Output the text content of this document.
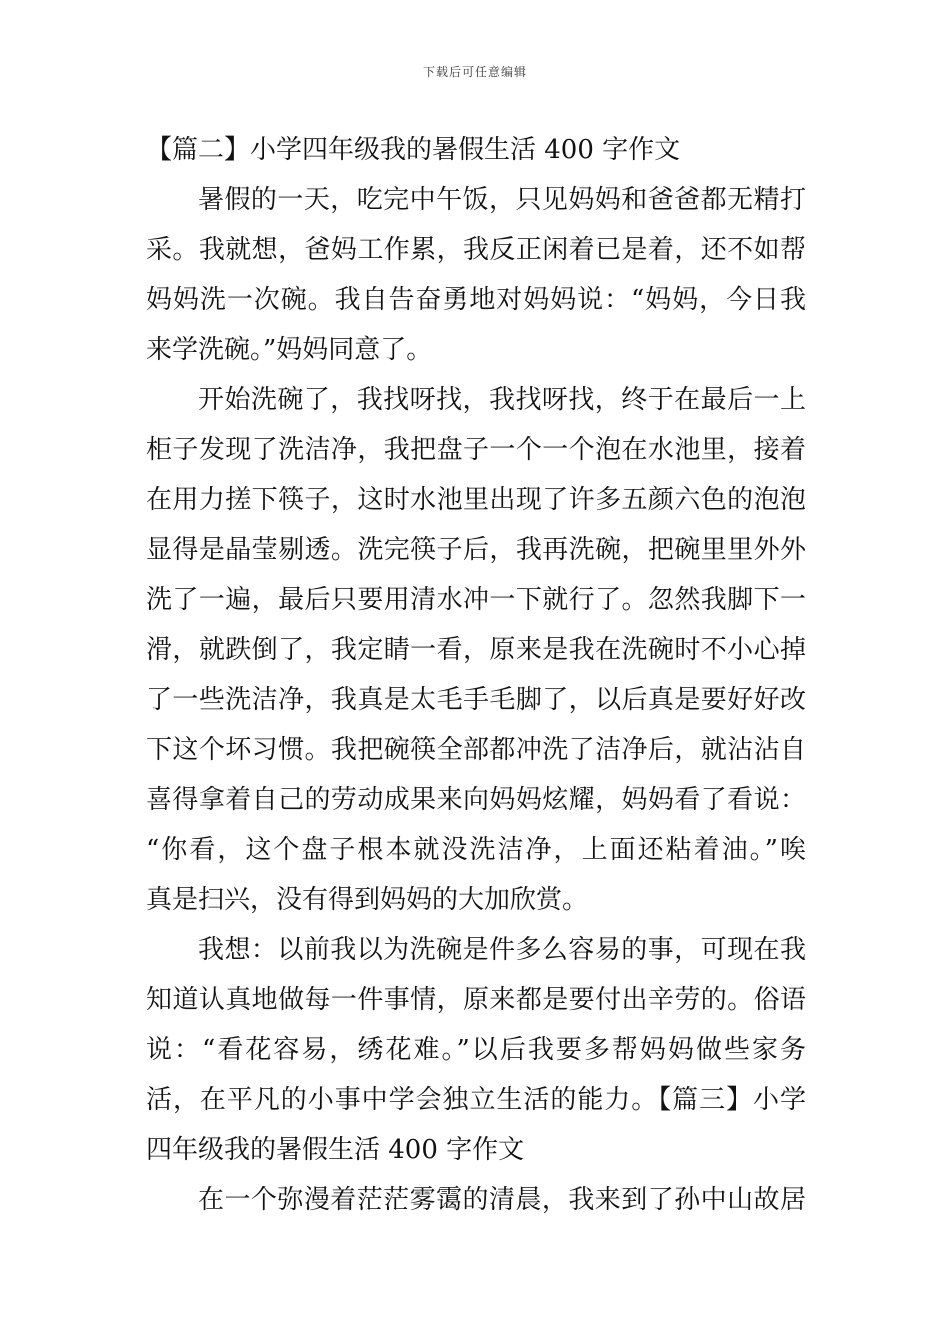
下载后可任意编辑
【篇二】小学四年级我的暑假生活 400 字作文
暑假的一天，吃完中午饭，只见妈妈和爸爸都无精打
采。我就想，爸妈工作累，我反正闲着已是着，还不如帮
妈妈洗一次碗。我自告奋勇地对妈妈说：“妈妈，今日我
来学洗碗。”妈妈同意了。
开始洗碗了，我找呀找，我找呀找，终于在最后一上
柜子发现了洗洁净，我把盘子一个一个泡在水池里，接着
在用力搓下筷子，这时水池里出现了许多五颜六色的泡泡
显得是晶莹剔透。洗完筷子后，我再洗碗，把碗里里外外
洗了一遍，最后只要用清水冲一下就行了。忽然我脚下一
滑，就跌倒了，我定睛一看，原来是我在洗碗时不小心掉
了一些洗洁净，我真是太毛手毛脚了，以后真是要好好改
下这个坏习惯。我把碗筷全部都冲洗了洁净后，就沾沾自
喜得拿着自己的劳动成果来向妈妈炫耀，妈妈看了看说：
“你看，这个盘子根本就没洗洁净，上面还粘着油。”唉
真是扫兴，没有得到妈妈的大加欣赏。
我想：以前我以为洗碗是件多么容易的事，可现在我
知道认真地做每一件事情，原来都是要付出辛劳的。俗语
说：“看花容易，绣花难。”以后我要多帮妈妈做些家务
活，在平凡的小事中学会独立生活的能力。【篇三】小学
四年级我的暑假生活 400 字作文
在一个弥漫着茫茫雾霭的清晨，我来到了孙中山故居
